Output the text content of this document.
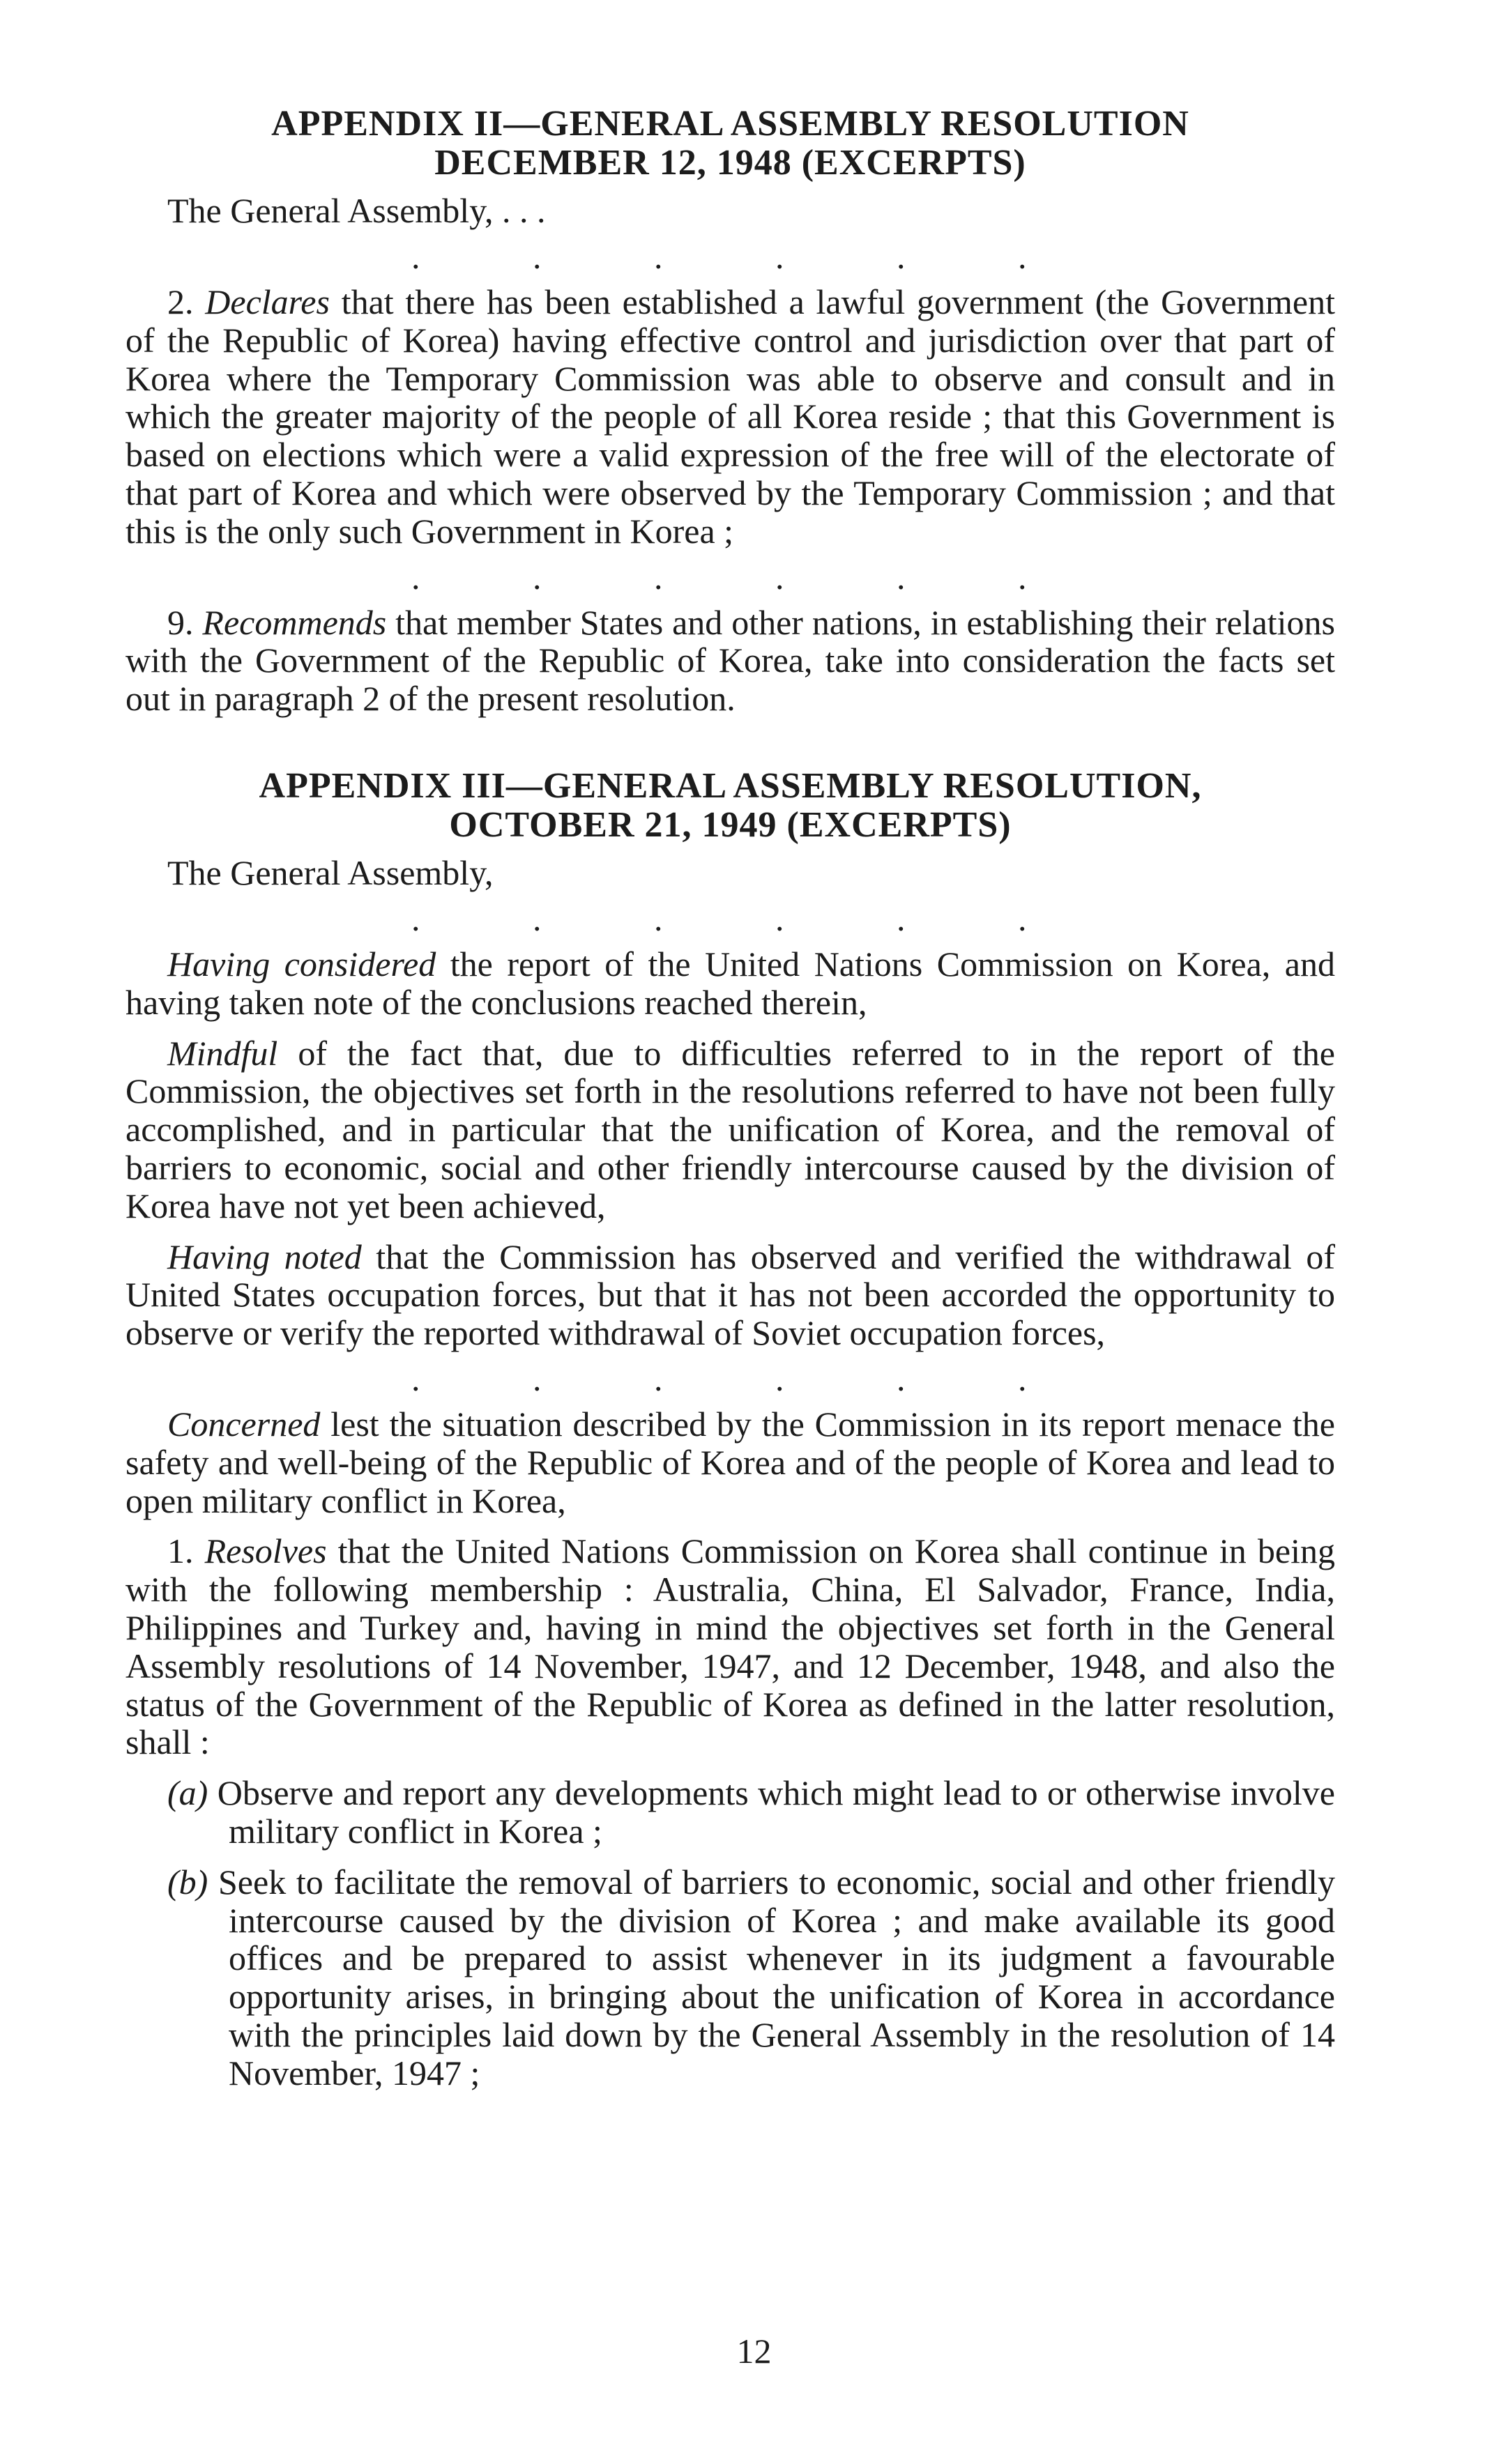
APPENDIX II—GENERAL ASSEMBLY RESOLUTION
DECEMBER 12, 1948 (EXCERPTS)

The General Assembly, . . .

.	.	.	.	.	.

2. Declares that there has been established a lawful government (the Government of the Republic of Korea) having effective control and jurisdiction over that part of Korea where the Temporary Commission was able to observe and consult and in which the greater majority of the people of all Korea reside ; that this Government is based on elections which were a valid expression of the free will of the electorate of that part of Korea and which were observed by the Temporary Commission ; and that this is the only such Government in Korea ;

.	.	.	.	.	.

9. Recommends that member States and other nations, in establishing their relations with the Government of the Republic of Korea, take into consideration the facts set out in paragraph 2 of the present resolution.

APPENDIX III—GENERAL ASSEMBLY RESOLUTION,
OCTOBER 21, 1949 (EXCERPTS)

The General Assembly,

.	.	.	.	.	.

Having considered the report of the United Nations Commission on Korea, and having taken note of the conclusions reached therein,

Mindful of the fact that, due to difficulties referred to in the report of the Commission, the objectives set forth in the resolutions referred to have not been fully accomplished, and in particular that the unification of Korea, and the removal of barriers to economic, social and other friendly intercourse caused by the division of Korea have not yet been achieved,

Having noted that the Commission has observed and verified the withdrawal of United States occupation forces, but that it has not been accorded the opportunity to observe or verify the reported withdrawal of Soviet occupation forces,

.	.	.	.	.	.

Concerned lest the situation described by the Commission in its report menace the safety and well-being of the Republic of Korea and of the people of Korea and lead to open military conflict in Korea,

1. Resolves that the United Nations Commission on Korea shall continue in being with the following membership : Australia, China, El Salvador, France, India, Philippines and Turkey and, having in mind the objectives set forth in the General Assembly resolutions of 14 November, 1947, and 12 December, 1948, and also the status of the Government of the Republic of Korea as defined in the latter resolution, shall :

(a) Observe and report any developments which might lead to or otherwise involve military conflict in Korea ;

(b) Seek to facilitate the removal of barriers to economic, social and other friendly intercourse caused by the division of Korea ; and make available its good offices and be prepared to assist whenever in its judgment a favourable opportunity arises, in bringing about the unification of Korea in accordance with the principles laid down by the General Assembly in the resolution of 14 November, 1947 ;

12
